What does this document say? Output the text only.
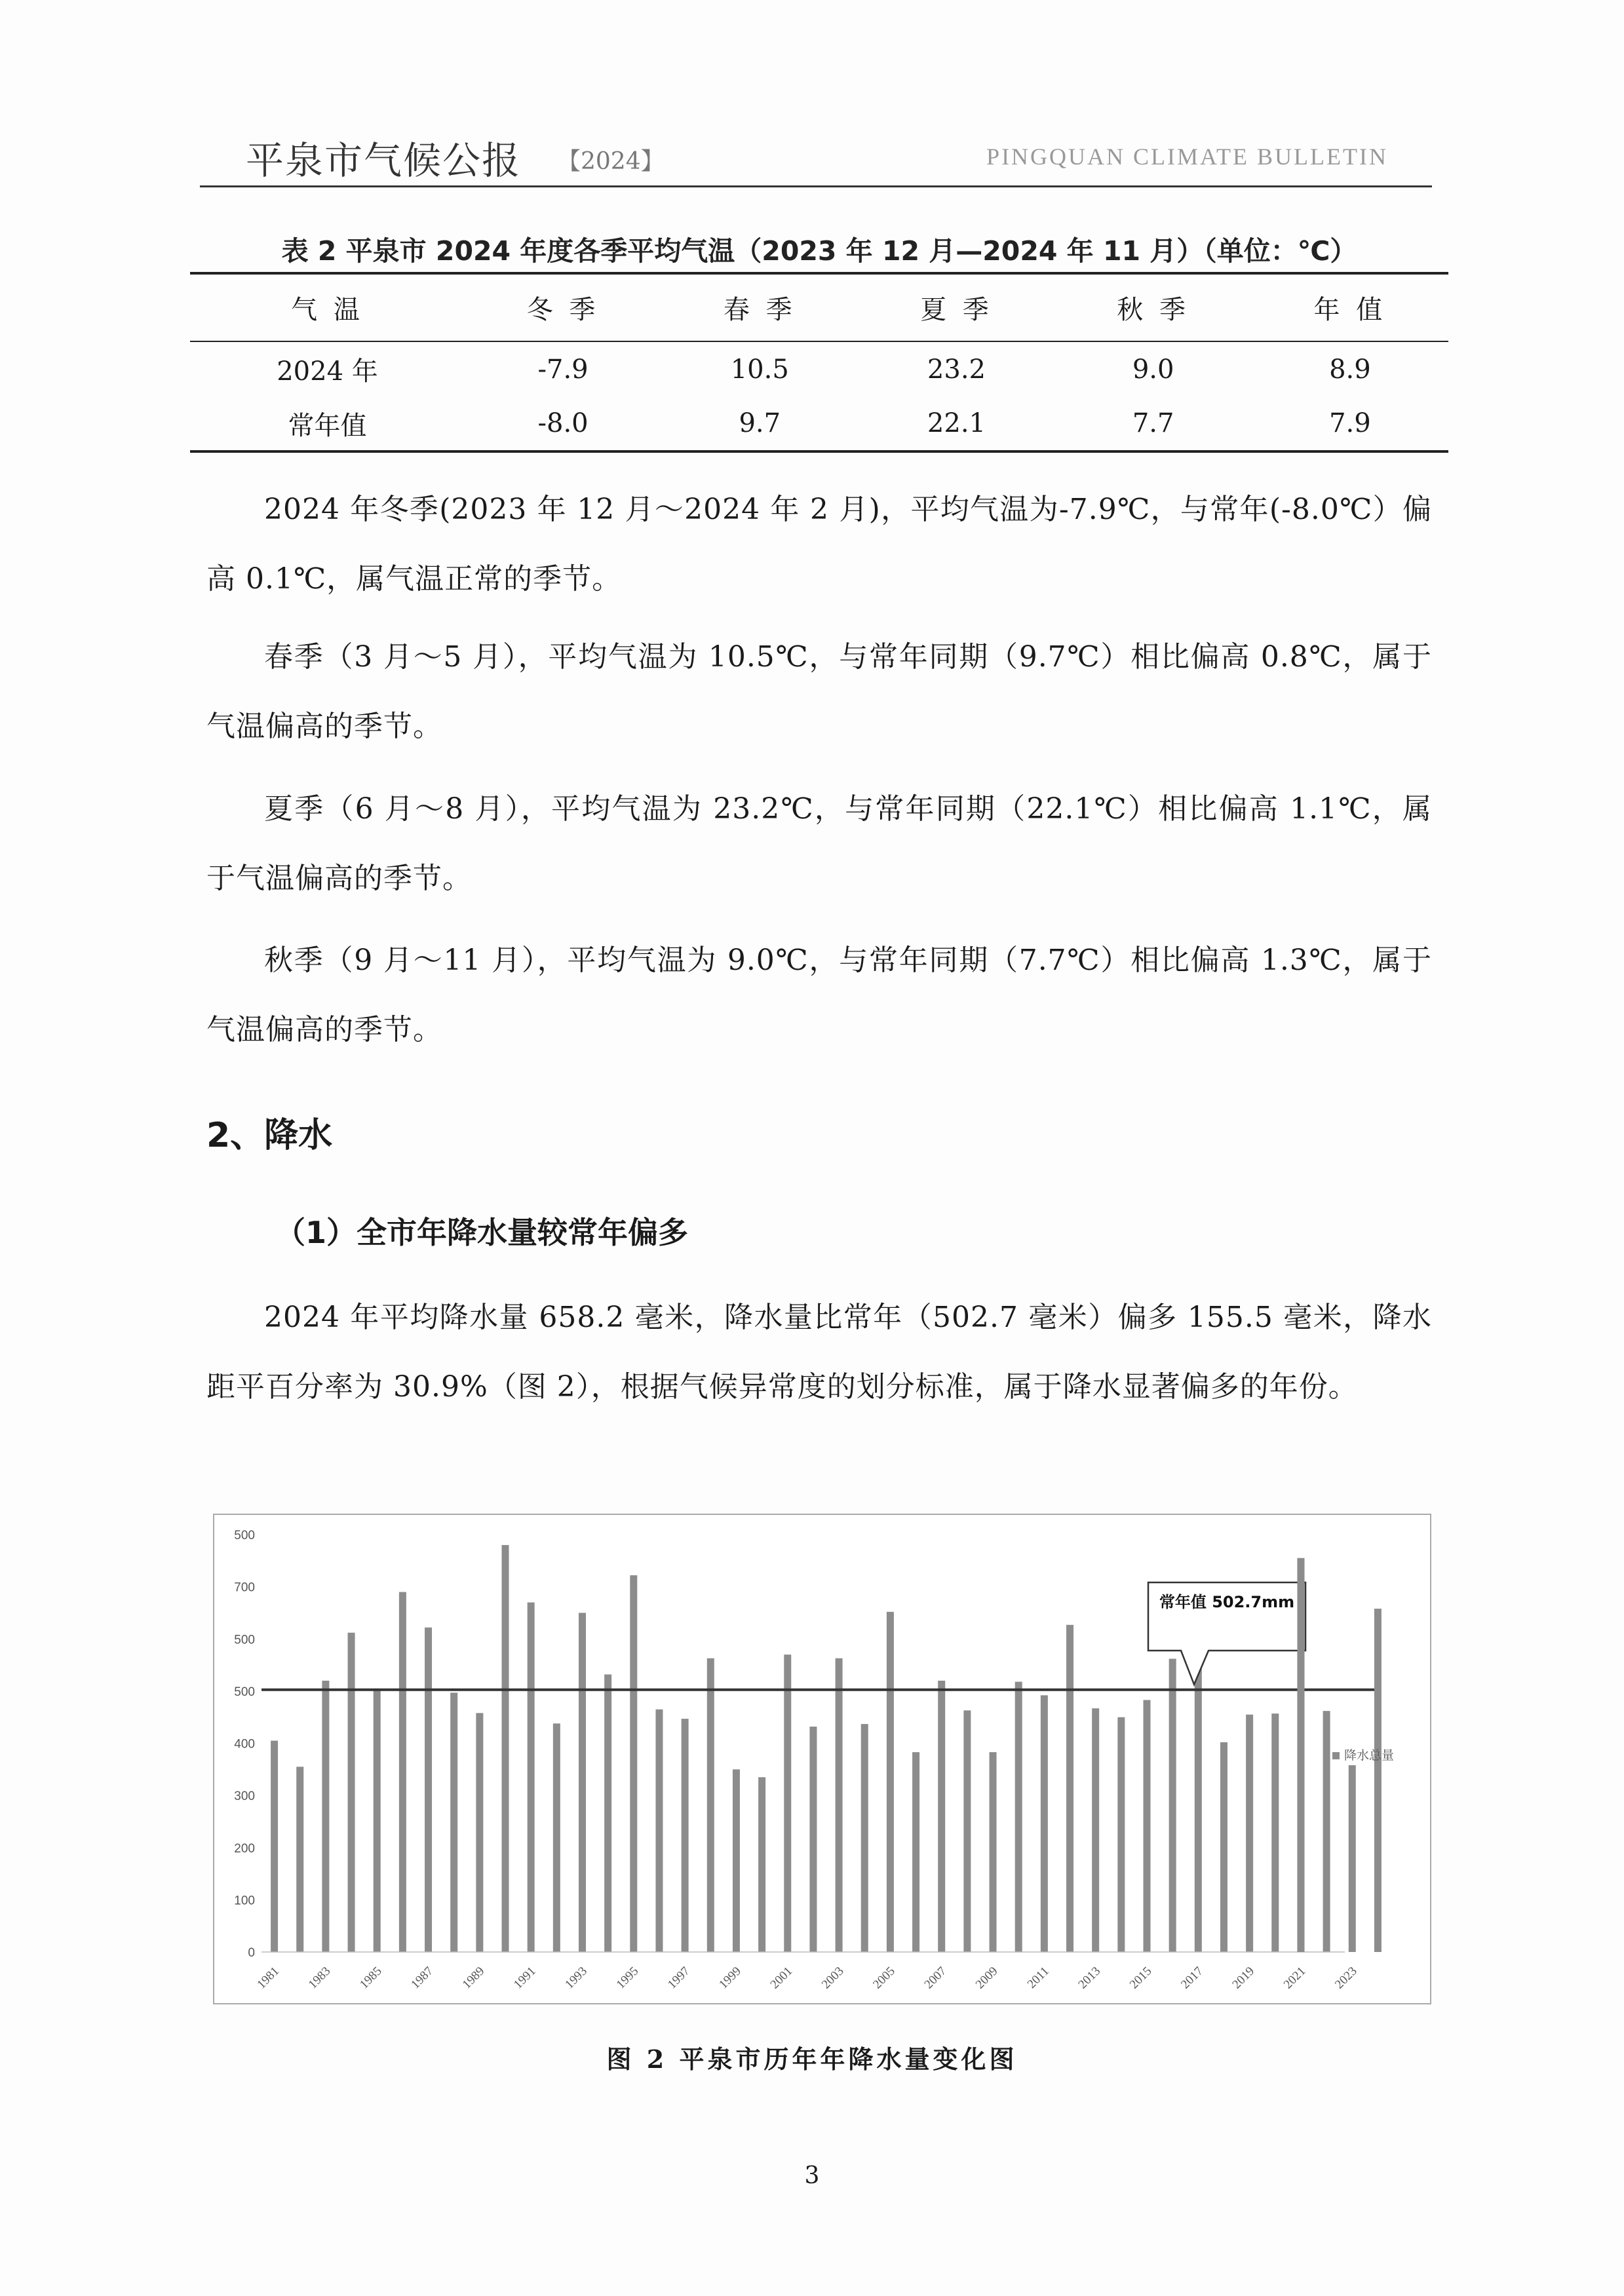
平泉市气候公报 【2024】	PINGQUAN CLIMATE BULLETIN
表 2 平泉市 2024 年度各季平均气温（2023 年 12 月—2024 年 11 月）（单位：℃）
气 温	冬 季	春 季	夏 季	秋 季	年 值
2024 年	-7.9	10.5	23.2	9.0	8.9
常年值	-8.0	9.7	22.1	7.7	7.9
2024 年冬季(2023 年 12 月～2024 年 2 月)，平均气温为-7.9℃，与常年(-8.0℃）偏高 0.1℃，属气温正常的季节。
春季（3 月～5 月），平均气温为 10.5℃，与常年同期（9.7℃）相比偏高 0.8℃，属于气温偏高的季节。
夏季（6 月～8 月），平均气温为 23.2℃，与常年同期（22.1℃）相比偏高 1.1℃，属于气温偏高的季节。
秋季（9 月～11 月），平均气温为 9.0℃，与常年同期（7.7℃）相比偏高 1.3℃，属于气温偏高的季节。
2、降水
（1）全市年降水量较常年偏多
2024 年平均降水量 658.2 毫米，降水量比常年（502.7 毫米）偏多 155.5 毫米，降水距平百分率为 30.9%（图 2），根据气候异常度的划分标准，属于降水显著偏多的年份。
0
100
200
300
400
500
500
700
500
1981 1983 1985 1987 1989 1991 1993 1995 1997 1999 2001 2003 2005 2007 2009 2011 2013 2015 2017 2019 2021 2023
常年值 502.7mm
降水总量
图 2 平泉市历年年降水量变化图
3
